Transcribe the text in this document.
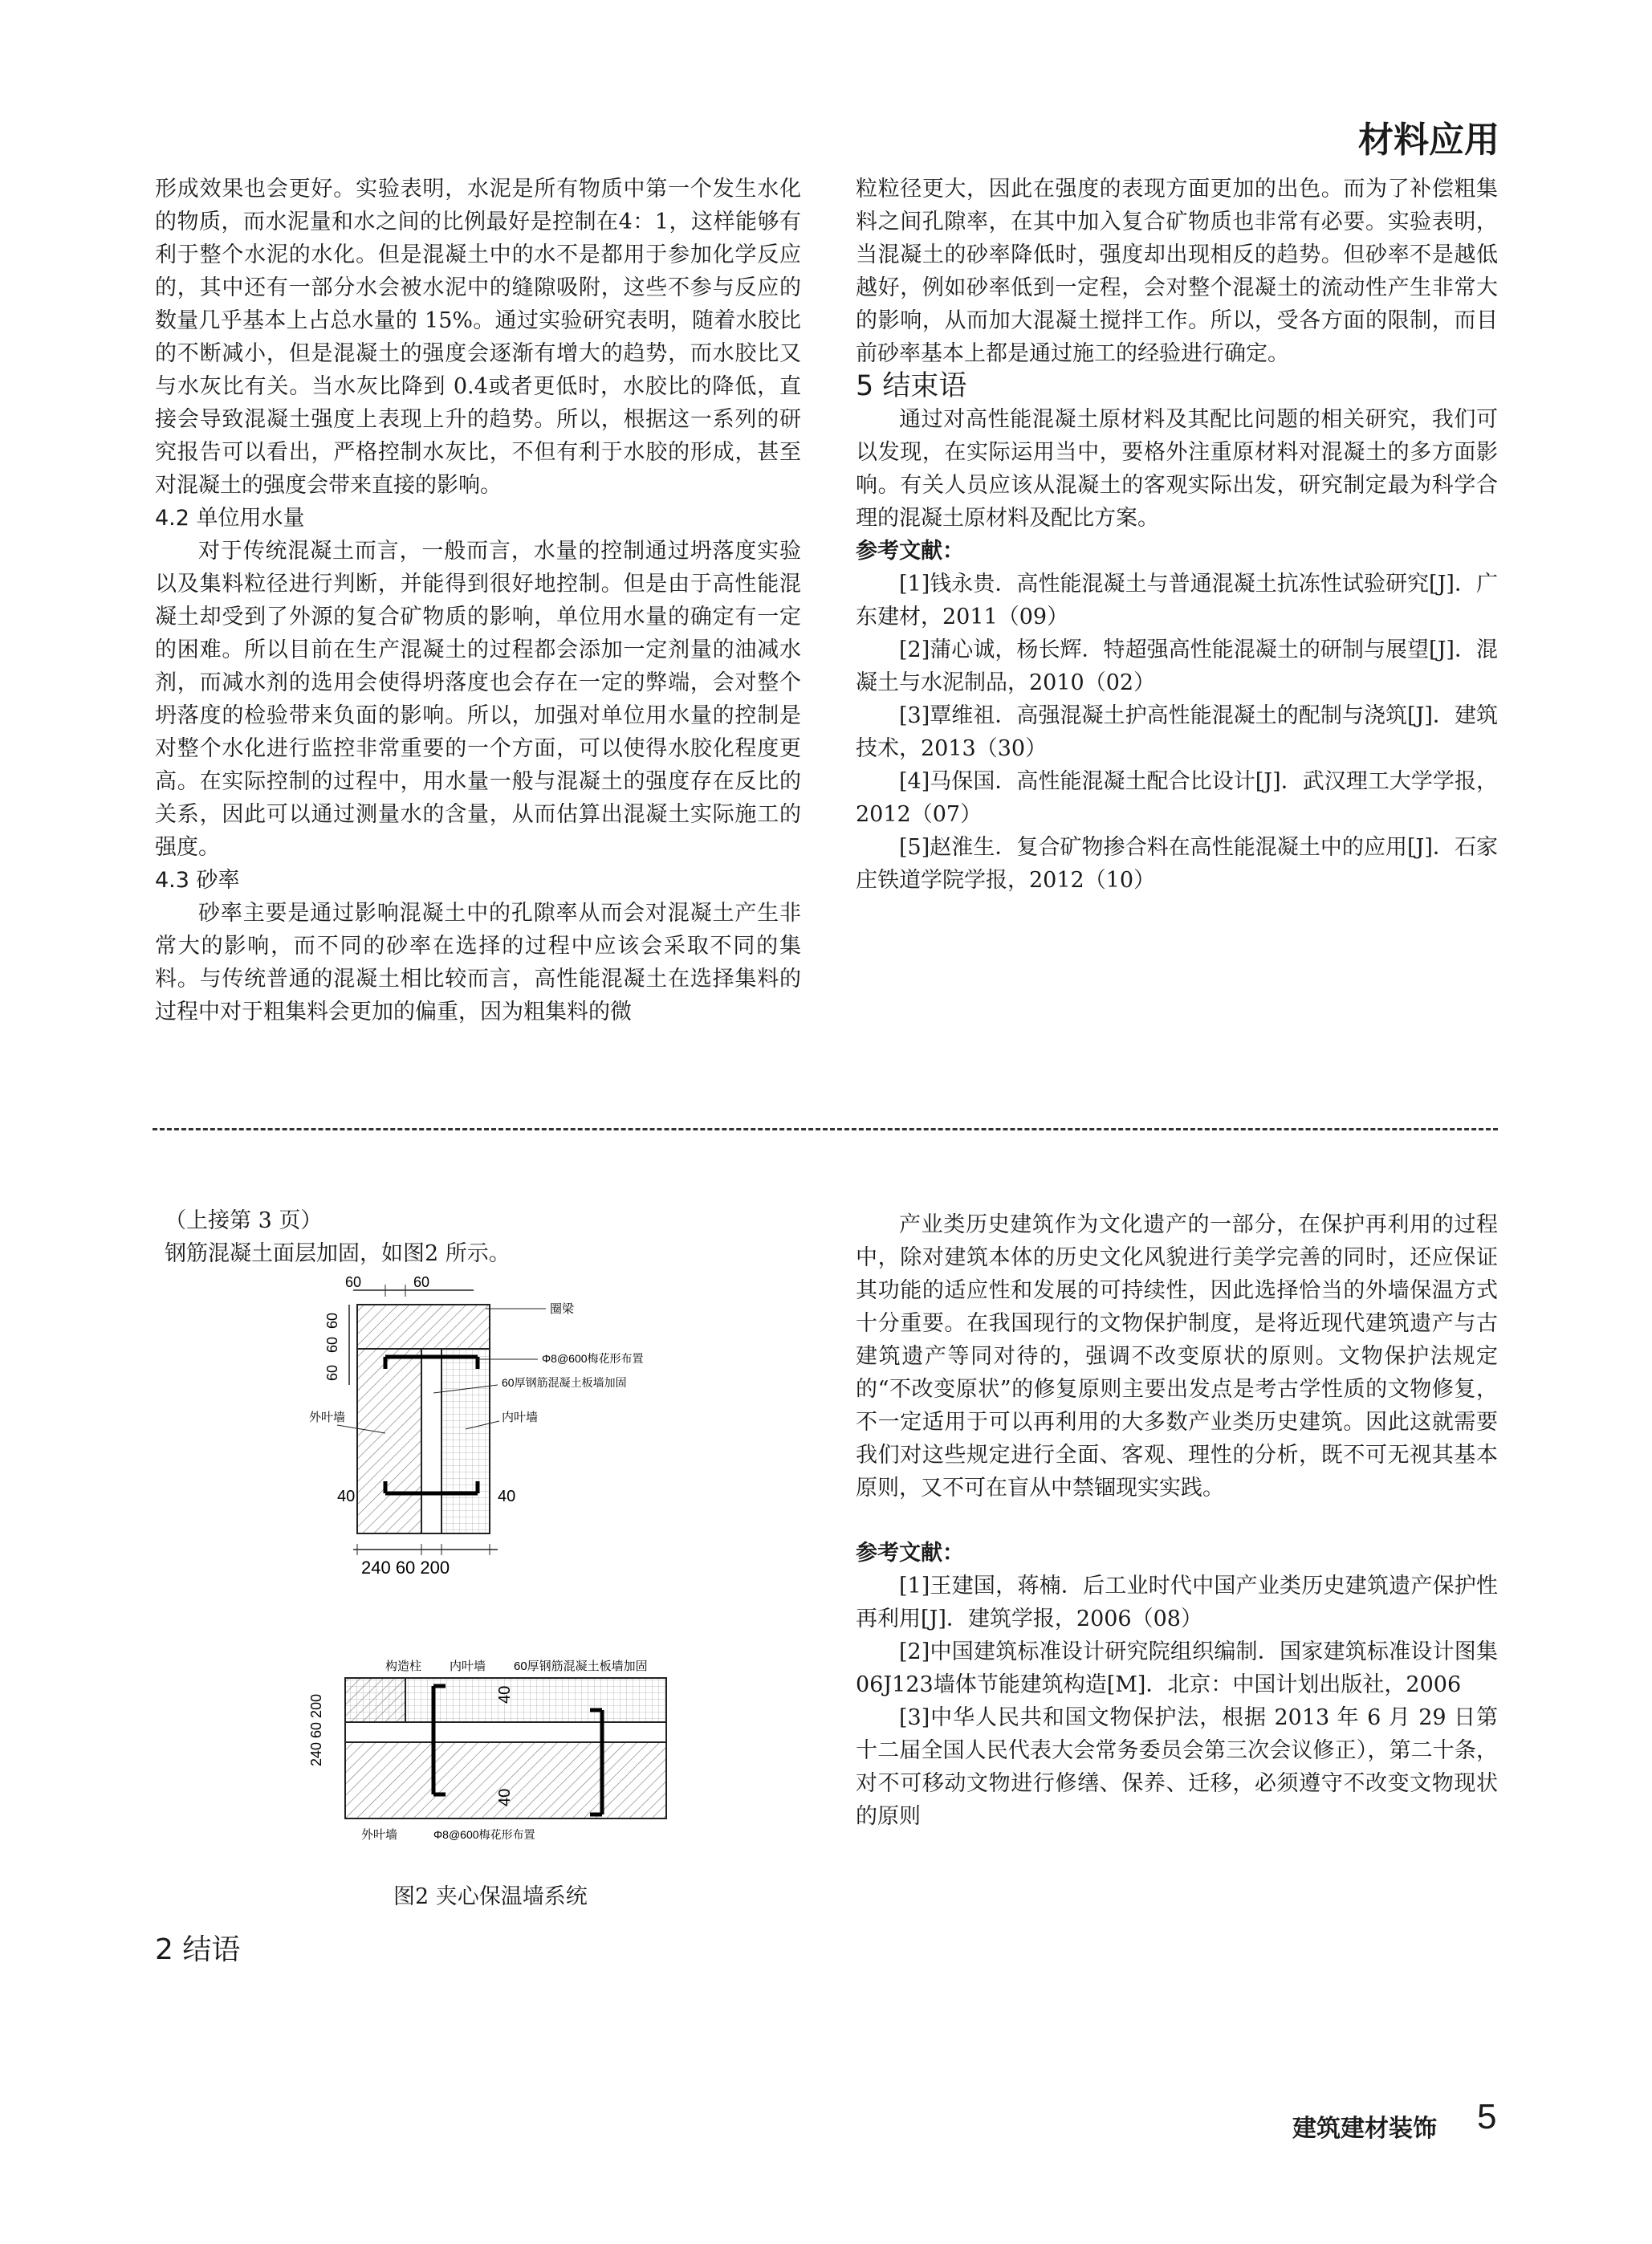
材料应用

形成效果也会更好。实验表明，水泥是所有物质中第一个发生水化的物质，而水泥量和水之间的比例最好是控制在4：1，这样能够有利于整个水泥的水化。但是混凝土中的水不是都用于参加化学反应的，其中还有一部分水会被水泥中的缝隙吸附，这些不参与反应的数量几乎基本上占总水量的 15%。通过实验研究表明，随着水胶比的不断减小，但是混凝土的强度会逐渐有增大的趋势，而水胶比又与水灰比有关。当水灰比降到 0.4或者更低时，水胶比的降低，直接会导致混凝土强度上表现上升的趋势。所以，根据这一系列的研究报告可以看出，严格控制水灰比，不但有利于水胶的形成，甚至对混凝土的强度会带来直接的影响。

4.2 单位用水量

对于传统混凝土而言，一般而言，水量的控制通过坍落度实验以及集料粒径进行判断，并能得到很好地控制。但是由于高性能混凝土却受到了外源的复合矿物质的影响，单位用水量的确定有一定的困难。所以目前在生产混凝土的过程都会添加一定剂量的油减水剂，而减水剂的选用会使得坍落度也会存在一定的弊端，会对整个坍落度的检验带来负面的影响。所以，加强对单位用水量的控制是对整个水化进行监控非常重要的一个方面，可以使得水胶化程度更高。在实际控制的过程中，用水量一般与混凝土的强度存在反比的关系，因此可以通过测量水的含量，从而估算出混凝土实际施工的强度。

4.3 砂率

砂率主要是通过影响混凝土中的孔隙率从而会对混凝土产生非常大的影响，而不同的砂率在选择的过程中应该会采取不同的集料。与传统普通的混凝土相比较而言，高性能混凝土在选择集料的过程中对于粗集料会更加的偏重，因为粗集料的微

粒粒径更大，因此在强度的表现方面更加的出色。而为了补偿粗集料之间孔隙率，在其中加入复合矿物质也非常有必要。实验表明，当混凝土的砂率降低时，强度却出现相反的趋势。但砂率不是越低越好，例如砂率低到一定程，会对整个混凝土的流动性产生非常大的影响，从而加大混凝土搅拌工作。所以，受各方面的限制，而目前砂率基本上都是通过施工的经验进行确定。

5 结束语

通过对高性能混凝土原材料及其配比问题的相关研究，我们可以发现，在实际运用当中，要格外注重原材料对混凝土的多方面影响。有关人员应该从混凝土的客观实际出发，研究制定最为科学合理的混凝土原材料及配比方案。

参考文献：

[1]钱永贵．高性能混凝土与普通混凝土抗冻性试验研究[J]．广东建材，2011（09）

[2]蒲心诚，杨长辉．特超强高性能混凝土的研制与展望[J]．混凝土与水泥制品，2010（02）

[3]覃维祖．高强混凝土护高性能混凝土的配制与浇筑[J]．建筑技术，2013（30）

[4]马保国．高性能混凝土配合比设计[J]．武汉理工大学学报，2012（07）

[5]赵淮生．复合矿物掺合料在高性能混凝土中的应用[J]．石家庄铁道学院学报，2012（10）

（上接第 3 页）

钢筋混凝土面层加固，如图2 所示。

60	60
60
60
60
40	40
圈梁
Φ8@600梅花形布置
60厚钢筋混凝土板墙加固
外叶墙	内叶墙
240 60 200
构造柱 内叶墙 60厚钢筋混凝土板墙加固
240 60 200	40
40
外叶墙	Φ8@600梅花形布置
图2 夹心保温墙系统
2 结语

产业类历史建筑作为文化遗产的一部分，在保护再利用的过程中，除对建筑本体的历史文化风貌进行美学完善的同时，还应保证其功能的适应性和发展的可持续性，因此选择恰当的外墙保温方式十分重要。在我国现行的文物保护制度，是将近现代建筑遗产与古建筑遗产等同对待的，强调不改变原状的原则。文物保护法规定的“不改变原状”的修复原则主要出发点是考古学性质的文物修复，不一定适用于可以再利用的大多数产业类历史建筑。因此这就需要我们对这些规定进行全面、客观、理性的分析，既不可无视其基本原则，又不可在盲从中禁锢现实实践。

参考文献：

[1]王建国，蒋楠．后工业时代中国产业类历史建筑遗产保护性再利用[J]．建筑学报，2006（08）

[2]中国建筑标准设计研究院组织编制．国家建筑标准设计图集06J123墙体节能建筑构造[M]．北京：中国计划出版社，2006

[3]中华人民共和国文物保护法，根据 2013 年 6 月 29 日第十二届全国人民代表大会常务委员会第三次会议修正），第二十条，对不可移动文物进行修缮、保养、迁移，必须遵守不改变文物现状的原则

建筑建材装饰 5
